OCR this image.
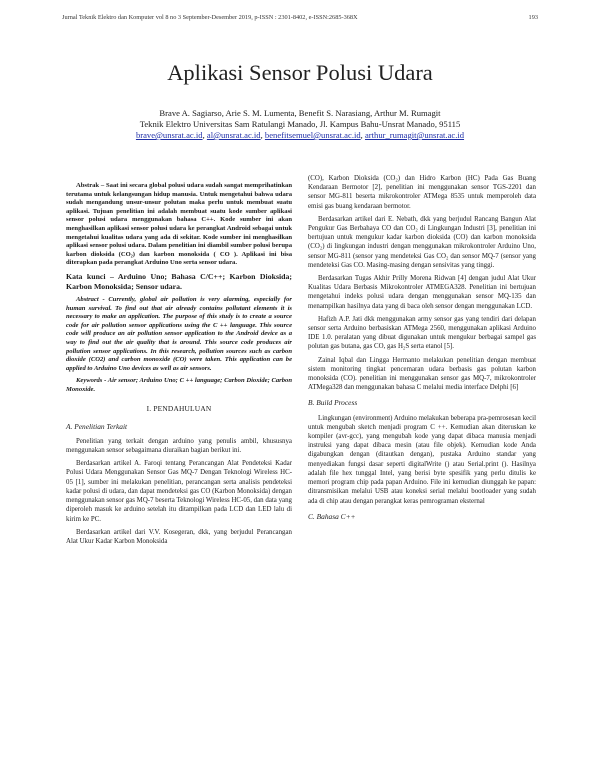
Jurnal Teknik Elektro dan Komputer vol 8 no 3 September-Desember 2019, p-ISSN : 2301-8402, e-ISSN:2685-368X	193
Aplikasi Sensor Polusi Udara
Brave A. Sagiarso, Arie S. M. Lumenta, Benefit S. Narasiang, Arthur M. Rumagit
Teknik Elektro Universitas Sam Ratulangi Manado, Jl. Kampus Bahu-Unsrat Manado, 95115
brave@unsrat.ac.id, al@unsrat.ac.id, benefitsemuel@unsrat.ac.id, arthur_rumagit@unsrat.ac.id

Abstrak – Saat ini secara global polusi udara sudah sangat memprihatinkan terutama untuk kelangsungan hidup manusia. Untuk mengetahui bahwa udara sudah mengandung unsur-unsur polutan maka perlu untuk membuat suatu aplikasi. Tujuan penelitian ini adalah membuat suatu kode sumber aplikasi sensor polusi udara menggunakan bahasa C++. Kode sumber ini akan menghasilkan aplikasi sensor polusi udara ke perangkat Android sebagai untuk mengetahui kualitas udara yang ada di sekitar. Kode sumber ini menghasilkan aplikasi sensor polusi udara. Dalam penelitian ini diambil sumber polusi berupa karbon dioksida (CO₂) dan karbon monoksida ( CO ). Aplikasi ini bisa diterapkan pada perangkat Arduino Uno serta sensor udara.

Kata kunci – Arduino Uno; Bahasa C/C++; Karbon Dioksida; Karbon Monoksida; Sensor udara.

Abstract - Currently, global air pollution is very alarming, especially for human survival. To find out that air already contains pollutant elements it is necessary to make an application. The purpose of this study is to create a source code for air pollution sensor applications using the C ++ language. This source code will produce an air pollution sensor application to the Android device as a way to find out the air quality that is around. This source code produces air pollution sensor applications. In this research, pollution sources such as carbon dioxide (CO2) and carbon monoxide (CO) were taken. This application can be applied to Arduino Uno devices as well as air sensors.

Keywords - Air sensor; Arduino Uno; C ++ language; Carbon Dioxide; Carbon Monoxide.

I. PENDAHULUAN
A. Penelitian Terkait

Penelitian yang terkait dengan arduino yang penulis ambil, khususnya menggunakan sensor sebagaimana diuraikan bagian berikut ini.

Berdasarkan artikel A. Faroqi tentang Perancangan Alat Pendeteksi Kadar Polusi Udara Menggunakan Sensor Gas MQ-7 Dengan Teknologi Wireless HC-05 [1], sumber ini melakukan penelitian, perancangan serta analisis pendeteksi kadar polusi di udara, dan dapat mendeteksi gas CO (Karbon Monoksida) dengan menggunakan sensor gas MQ-7 beserta Teknologi Wireless HC-05, dan data yang diperoleh masuk ke arduino setelah itu ditampilkan pada LCD dan LED lalu di kirim ke PC.

Berdasarkan artikel dari V.V. Kosegeran, dkk, yang berjudul Perancangan Alat Ukur Kadar Karbon Monoksida

(CO), Karbon Dioksida (CO₂) dan Hidro Karbon (HC) Pada Gas Buang Kendaraan Bermotor [2], penelitian ini menggunakan sensor TGS-2201 dan sensor MG-811 beserta mikrokontroler ATMega 8535 untuk memperoleh data emisi gas buang kendaraan bermotor.

Berdasarkan artikel dari E. Nebath, dkk yang berjudul Rancang Bangun Alat Pengukur Gas Berbahaya CO dan CO₂ di Lingkungan Industri [3], penelitian ini bertujuan untuk mengukur kadar karbon dioksida (CO) dan karbon monoksida (CO₂) di lingkungan industri dengan menggunakan mikrokontroler Arduino Uno, sensor MG-811 (sensor yang mendeteksi Gas CO₂ dan sensor MQ-7 (sensor yang mendeteksi Gas CO. Masing-masing dengan sensivitas yang tinggi.

Berdasarkan Tugas Akhir Prilly Morena Ridwan [4] dengan judul Alat Ukur Kualitas Udara Berbasis Mikrokontroler ATMEGA328. Penelitian ini bertujuan mengetahui indeks polusi udara dengan menggunakan sensor MQ-135 dan menampilkan hasilnya data yang di baca oleh sensor dengan menggunakan LCD.

Hafizh A.P. Jati dkk menggunakan army sensor gas yang tendiri dari delapan sensor serta Arduino berbasiskan ATMega 2560, menggunakan aplikasi Arduino IDE 1.0. peralatan yang dibuat digunakan untuk mengukur berbagai sampel gas polutan gas butana, gas CO, gas H₂S serta etanol [5].

Zainal Iqbal dan Lingga Hermanto melakukan penelitian dengan membuat sistem monitoring tingkat pencemaran udara berbasis gas polutan karbon monoksida (CO). penelitian ini menggunakan sensor gas MQ-7, mikrokontroler ATMega328 dan menggunakan bahasa C melalui media interface Delphi [6]

B. Build Process

Lingkungan (environment) Arduino melakukan beberapa pra-pemrosesan kecil untuk mengubah sketch menjadi program C ++. Kemudian akan diteruskan ke kompiler (avr-gcc), yang mengubah kode yang dapat dibaca manusia menjadi instruksi yang dapat dibaca mesin (atau file objek). Kemudian kode Anda digabungkan dengan (ditautkan dengan), pustaka Arduino standar yang menyediakan fungsi dasar seperti digitalWrite () atau Serial.print (). Hasilnya adalah file hex tunggal Intel, yang berisi byte spesifik yang perlu ditulis ke memori program chip pada papan Arduino. File ini kemudian diunggah ke papan: ditransmisikan melalui USB atau koneksi serial melalui bootloader yang sudah ada di chip atau dengan perangkat keras pemrograman eksternal

C. Bahasa C++
